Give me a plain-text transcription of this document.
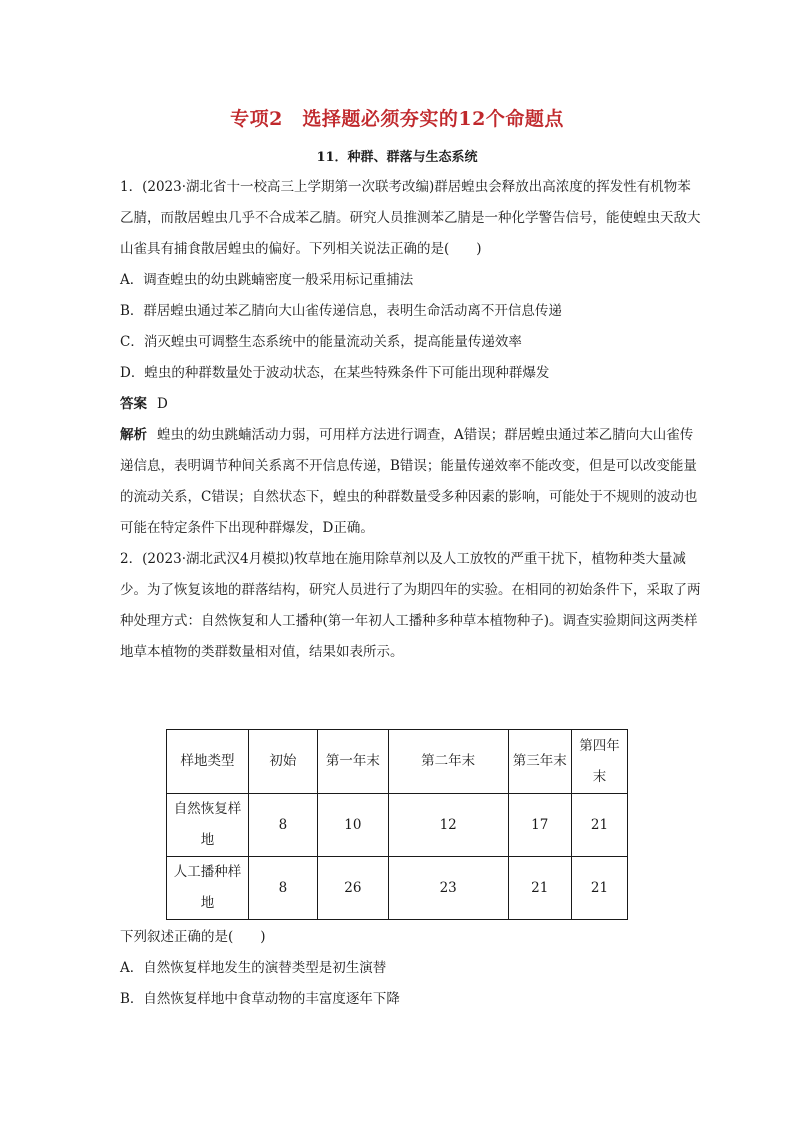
专项2　选择题必须夯实的12个命题点
11．种群、群落与生态系统

1．(2023·湖北省十一校高三上学期第一次联考改编)群居蝗虫会释放出高浓度的挥发性有机物苯乙腈，而散居蝗虫几乎不合成苯乙腈。研究人员推测苯乙腈是一种化学警告信号，能使蝗虫天敌大山雀具有捕食散居蝗虫的偏好。下列相关说法正确的是(　　)

A．调查蝗虫的幼虫跳蝻密度一般采用标记重捕法

B．群居蝗虫通过苯乙腈向大山雀传递信息，表明生命活动离不开信息传递

C．消灭蝗虫可调整生态系统中的能量流动关系，提高能量传递效率

D．蝗虫的种群数量处于波动状态，在某些特殊条件下可能出现种群爆发

答案 D

解析 蝗虫的幼虫跳蝻活动力弱，可用样方法进行调查，A错误；群居蝗虫通过苯乙腈向大山雀传递信息，表明调节种间关系离不开信息传递，B错误；能量传递效率不能改变，但是可以改变能量的流动关系，C错误；自然状态下，蝗虫的种群数量受多种因素的影响，可能处于不规则的波动也可能在特定条件下出现种群爆发，D正确。

2．(2023·湖北武汉4月模拟)牧草地在施用除草剂以及人工放牧的严重干扰下，植物种类大量减少。为了恢复该地的群落结构，研究人员进行了为期四年的实验。在相同的初始条件下，采取了两种处理方式：自然恢复和人工播种(第一年初人工播种多种草本植物种子)。调查实验期间这两类样地草本植物的类群数量相对值，结果如表所示。

样地类型	初始	第一年末	第二年末	第三年末	第四年末
自然恢复样地	8	10	12	17	21
人工播种样地	8	26	23	21	21

下列叙述正确的是(　　)

A．自然恢复样地发生的演替类型是初生演替

B．自然恢复样地中食草动物的丰富度逐年下降
